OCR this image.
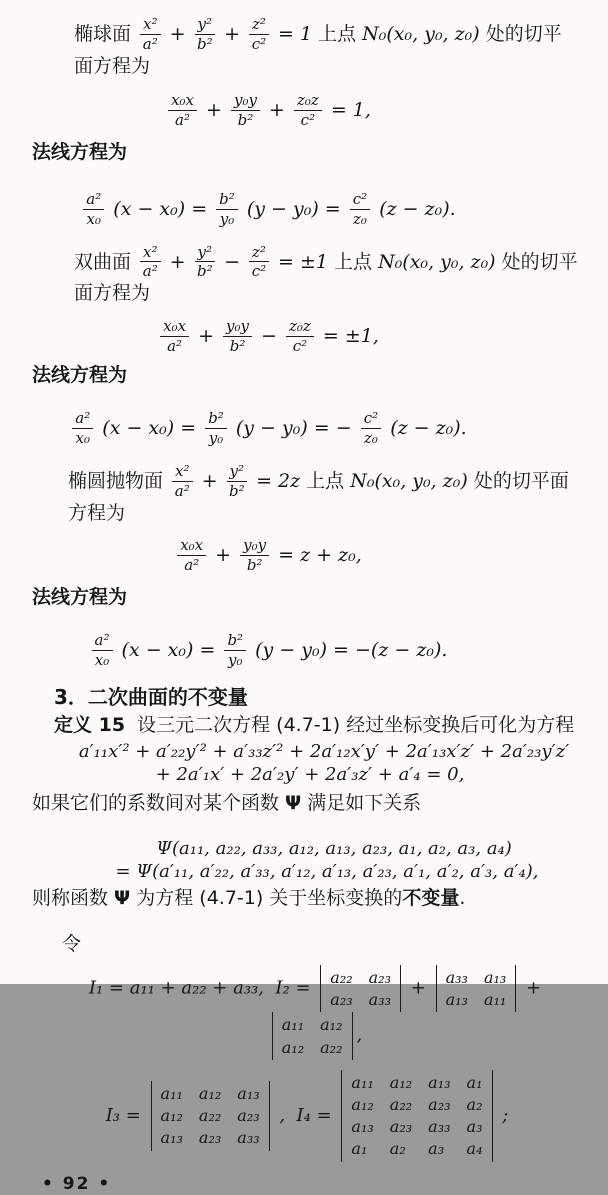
椭球面 $\frac{\text{x²}}{\text{a²}} + \frac{\text{y²}}{\text{b²}} + \frac{\text{z²}}{\text{c²}} = 1$ 上点 N₀(x₀, y₀, z₀) 处的切平面方程为
$\frac{\text{x₀x}}{\text{a²}} + \frac{\text{y₀y}}{\text{b²}} + \frac{\text{z₀z}}{\text{c²}} = 1$,
法线方程为
$\frac{\text{a²}}{\text{x₀}} (x - x_0) = \frac{\text{b²}}{\text{y₀}} (y - y_0) = \frac{\text{c²}}{\text{z₀}} (z - z_0)$.
双曲面 $\frac{\text{x²}}{\text{a²}} + \frac{\text{y²}}{\text{b²}} - \frac{\text{z²}}{\text{c²}} = \pm 1$ 上点 N₀(x₀, y₀, z₀) 处的切平面方程为
$\frac{\text{x₀x}}{\text{a²}} + \frac{\text{y₀y}}{\text{b²}} - \frac{\text{z₀z}}{\text{c²}} = \pm 1$,
法线方程为
$\frac{\text{a²}}{\text{x₀}} (x - x_0) = \frac{\text{b²}}{\text{y₀}} (y - y_0)$ = − $\frac{\text{c²}}{\text{z₀}} (z - z_0)$.
椭圆抛物面 $\frac{\text{x²}}{\text{a²}} + \frac{\text{y²}}{\text{b²}} = 2z$ 上点 N₀(x₀, y₀, z₀) 处的切平面方程为
$\frac{\text{x₀x}}{\text{a²}} + \frac{\text{y₀y}}{\text{b²}} = z + z_0$,
法线方程为
$\frac{\text{a²}}{\text{x₀}} (x - x_0) = \frac{\text{b²}}{\text{y₀}} (y - y_0) = -(z - z_0)$.
3．二次曲面的不变量
定义 15  设三元二次方程 (4.7-1) 经过坐标变换后可化为方程
a′₁₁x′² + a′₂₂y′² + a′₃₃z′² + 2a′₁₂x′y′ + 2a′₁₃x′z′ + 2a′₂₃y′z′
+ 2a′₁x′ + 2a′₂y′ + 2a′₃z′ + a′₄ = 0,
如果它们的系数间对某个函数 Ψ 满足如下关系
Ψ(a₁₁, a₂₂, a₃₃, a₁₂, a₁₃, a₂₃, a₁, a₂, a₃, a₄)
= Ψ(a′₁₁, a′₂₂, a′₃₃, a′₁₂, a′₁₃, a′₂₃, a′₁, a′₂, a′₃, a′₄),
则称函数 Ψ 为方程 (4.7-1) 关于坐标变换的不变量.
令
I₁ = a₁₁ + a₂₂ + a₃₃,  I₂ =
a₂₂ a₂₃
a₂₃ a₃₃
+
a₃₃ a₁₃
a₁₃ a₁₁
+
a₁₁ a₁₂
a₁₂ a₂₂
,
I₃ =
a₁₁ a₁₂ a₁₃
a₁₂ a₂₂ a₂₃
a₁₃ a₂₃ a₃₃
,  I₄ =
a₁₁ a₁₂ a₁₃ a₁
a₁₂ a₂₂ a₂₃ a₂
a₁₃ a₂₃ a₃₃ a₃
a₁	a₂	a₃	a₄
;
• 92 •
